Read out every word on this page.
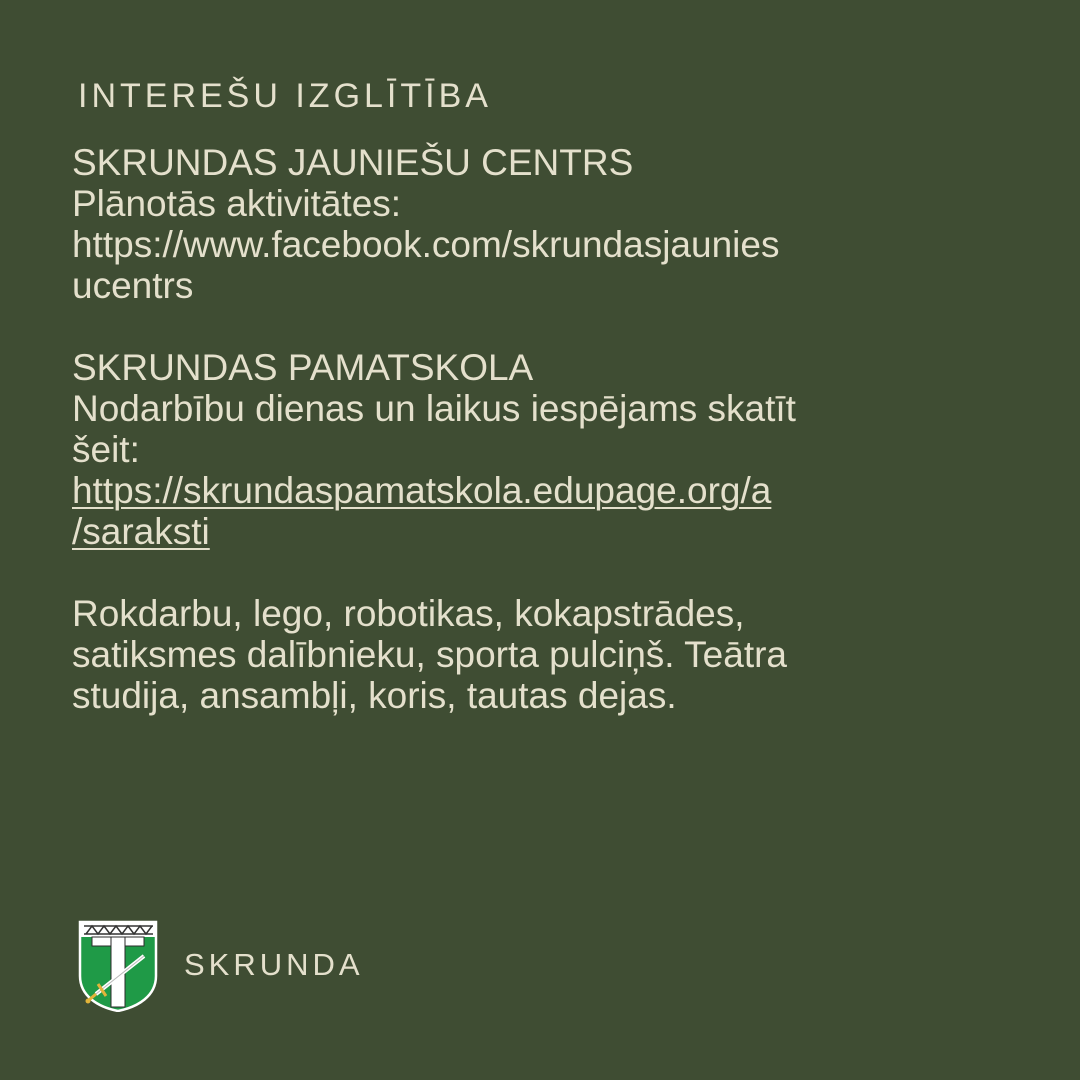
INTEREŠU IZGLĪTĪBA
SKRUNDAS JAUNIEŠU CENTRS
Plānotās aktivitātes:
https://www.facebook.com/skrundasjaunies
ucentrs
SKRUNDAS PAMATSKOLA
Nodarbību dienas un laikus iespējams skatīt
šeit:
https://skrundaspamatskola.edupage.org/a
/saraksti
Rokdarbu, lego, robotikas, kokapstrādes,
satiksmes dalībnieku, sporta pulciņš. Teātra
studija, ansambļi, koris, tautas dejas.
SKRUNDA
